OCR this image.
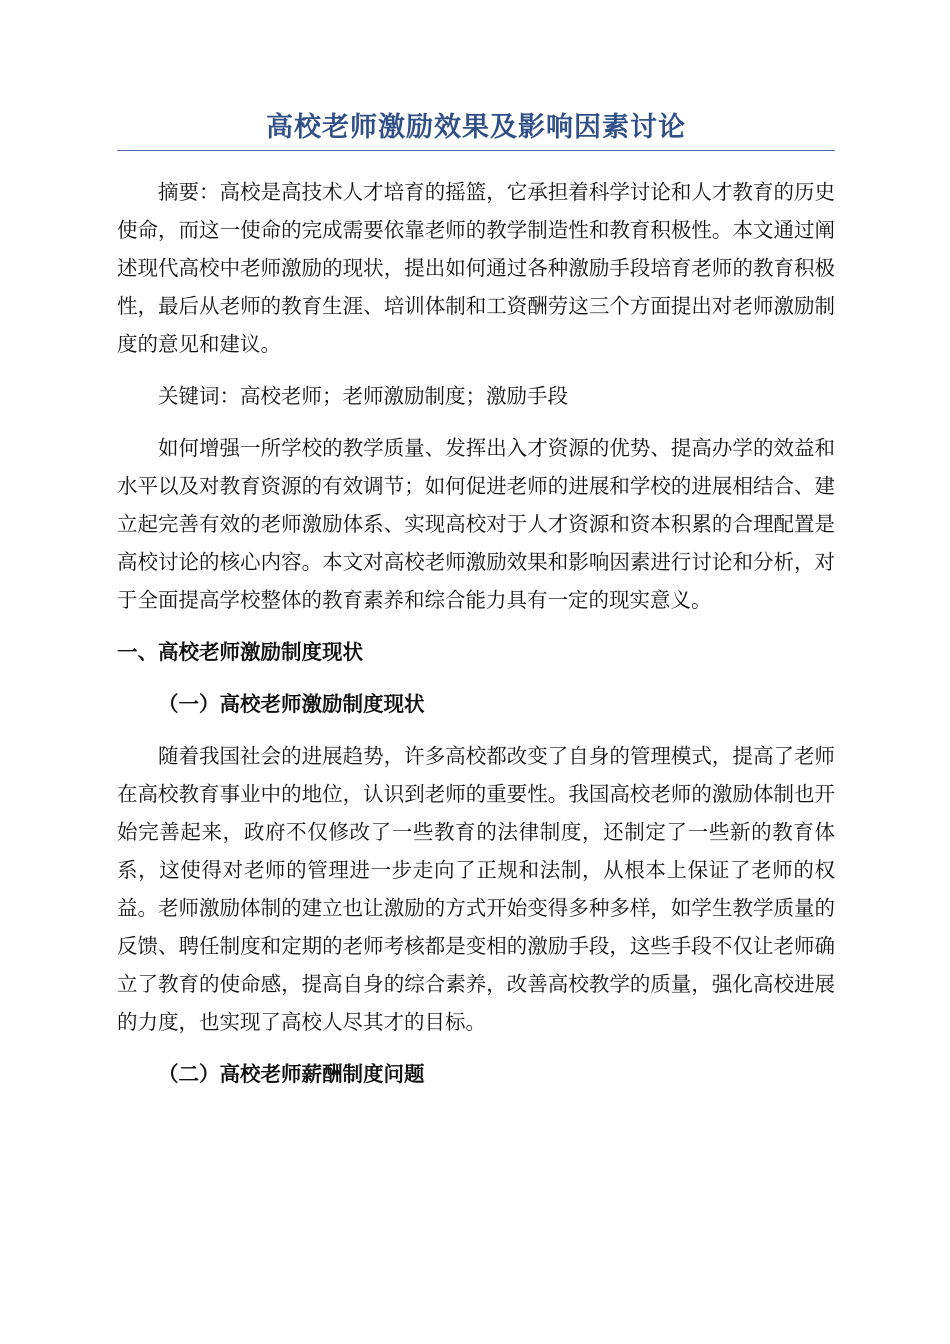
高校老师激励效果及影响因素讨论

摘要：高校是高技术人才培育的摇篮，它承担着科学讨论和人才教育的历史使命，而这一使命的完成需要依靠老师的教学制造性和教育积极性。本文通过阐述现代高校中老师激励的现状，提出如何通过各种激励手段培育老师的教育积极性，最后从老师的教育生涯、培训体制和工资酬劳这三个方面提出对老师激励制度的意见和建议。

关键词：高校老师；老师激励制度；激励手段

如何增强一所学校的教学质量、发挥出入才资源的优势、提高办学的效益和水平以及对教育资源的有效调节；如何促进老师的进展和学校的进展相结合、建立起完善有效的老师激励体系、实现高校对于人才资源和资本积累的合理配置是高校讨论的核心内容。本文对高校老师激励效果和影响因素进行讨论和分析，对于全面提高学校整体的教育素养和综合能力具有一定的现实意义。

一、高校老师激励制度现状
（一）高校老师激励制度现状

随着我国社会的进展趋势，许多高校都改变了自身的管理模式，提高了老师在高校教育事业中的地位，认识到老师的重要性。我国高校老师的激励体制也开始完善起来，政府不仅修改了一些教育的法律制度，还制定了一些新的教育体系，这使得对老师的管理进一步走向了正规和法制，从根本上保证了老师的权益。老师激励体制的建立也让激励的方式开始变得多种多样，如学生教学质量的反馈、聘任制度和定期的老师考核都是变相的激励手段，这些手段不仅让老师确立了教育的使命感，提高自身的综合素养，改善高校教学的质量，强化高校进展的力度，也实现了高校人尽其才的目标。

（二）高校老师薪酬制度问题
